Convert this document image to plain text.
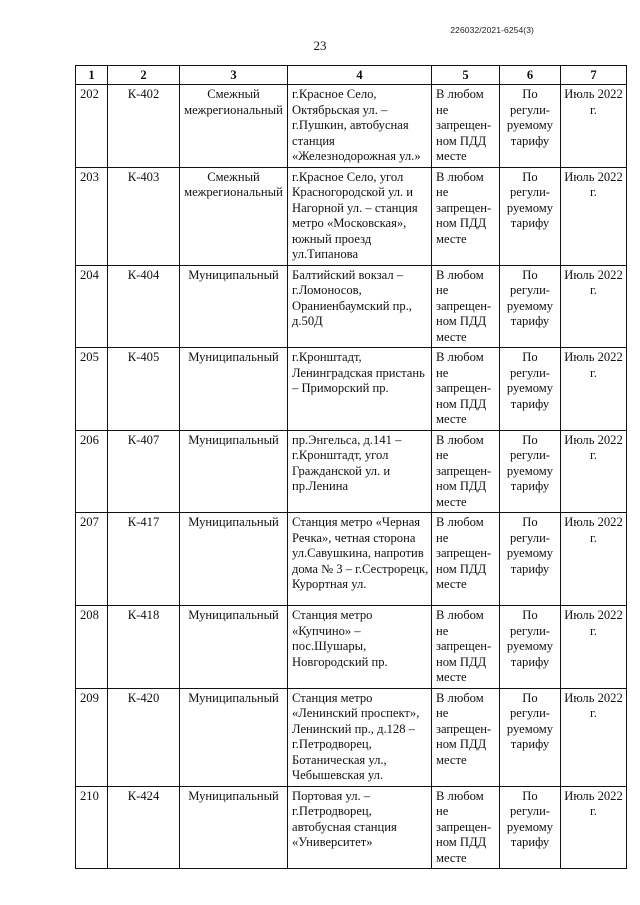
226032/2021-6254(3)
23
1	2	3	4	5	6	7
202	К-402	Смежный межрегиональный	г.Красное Село, Октябрьская ул. – г.Пушкин, автобусная станция «Железнодорожная ул.»	В любом не запрещен-ном ПДД месте	По регули-руемому тарифу	Июль 2022 г.
203	К-403	Смежный межрегиональный	г.Красное Село, угол Красногородской ул. и Нагорной ул. – станция метро «Московская», южный проезд ул.Типанова	В любом не запрещен-ном ПДД месте	По регули-руемому тарифу	Июль 2022 г.
204	К-404	Муниципальный	Балтийский вокзал – г.Ломоносов, Ораниенбаумский пр., д.50Д	В любом не запрещен-ном ПДД месте	По регули-руемому тарифу	Июль 2022 г.
205	К-405	Муниципальный	г.Кронштадт, Ленинградская пристань – Приморский пр.	В любом не запрещен-ном ПДД месте	По регули-руемому тарифу	Июль 2022 г.
206	К-407	Муниципальный	пр.Энгельса, д.141 – г.Кронштадт, угол Гражданской ул. и пр.Ленина	В любом не запрещен-ном ПДД месте	По регули-руемому тарифу	Июль 2022 г.
207	К-417	Муниципальный	Станция метро «Черная Речка», четная сторона ул.Савушкина, напротив дома № 3 – г.Сестрорецк, Курортная ул.	В любом не запрещен-ном ПДД месте	По регули-руемому тарифу	Июль 2022 г.
208	К-418	Муниципальный	Станция метро «Купчино» – пос.Шушары, Новгородский пр.	В любом не запрещен-ном ПДД месте	По регули-руемому тарифу	Июль 2022 г.
209	К-420	Муниципальный	Станция метро «Ленинский проспект», Ленинский пр., д.128 – г.Петродворец, Ботаническая ул., Чебышевская ул.	В любом не запрещен-ном ПДД месте	По регули-руемому тарифу	Июль 2022 г.
210	К-424	Муниципальный	Портовая ул. – г.Петродворец, автобусная станция «Университет»	В любом не запрещен-ном ПДД месте	По регули-руемому тарифу	Июль 2022 г.
